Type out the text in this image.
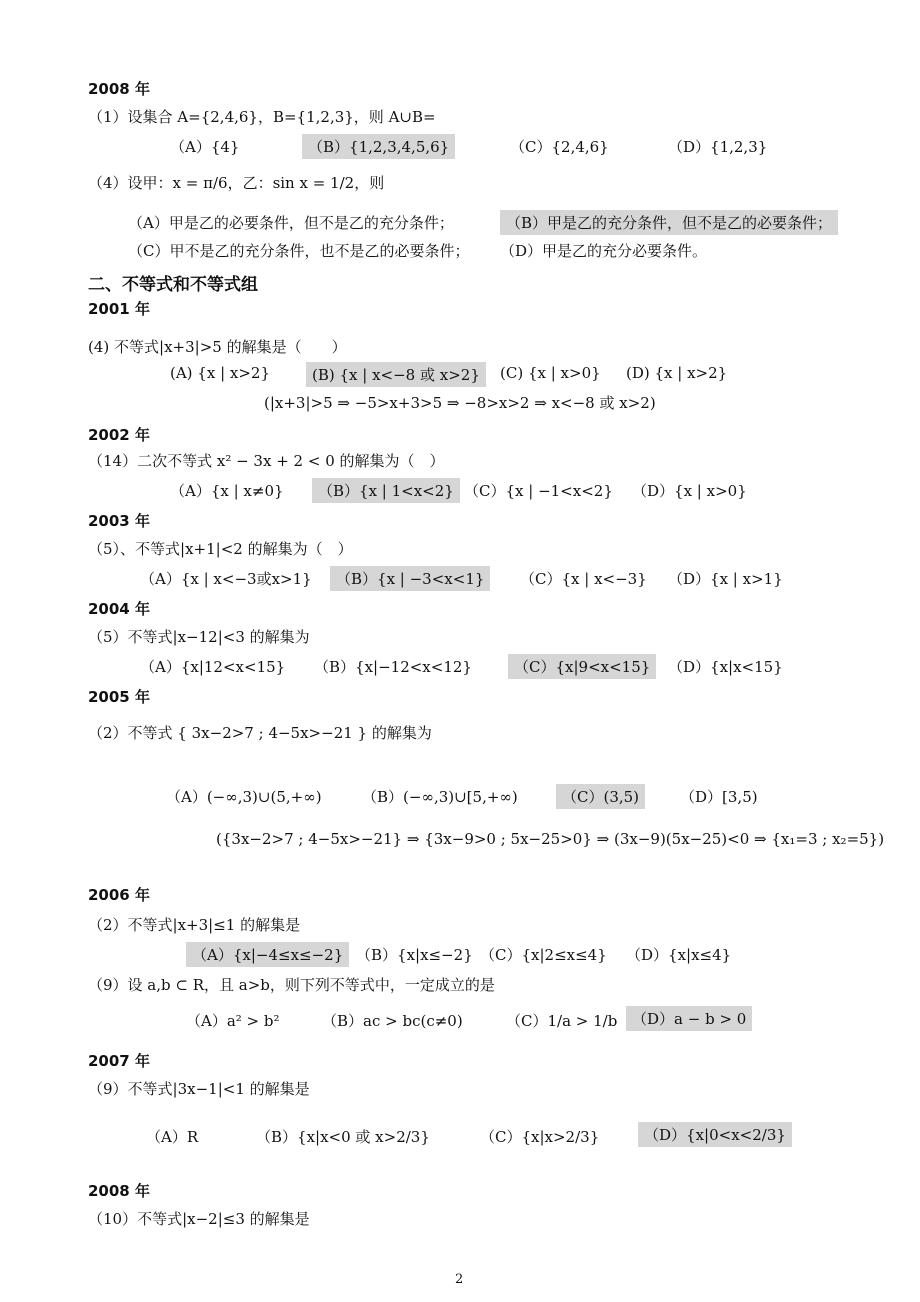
2008 年
（1）设集合 A={2,4,6}，B={1,2,3}，则 A∪B=
（A）{4}	（B）{1,2,3,4,5,6}	（C）{2,4,6}	（D）{1,2,3}
（4）设甲：x = π/6，乙：sin x = 1/2，则
（A）甲是乙的必要条件，但不是乙的充分条件；	（B）甲是乙的充分条件，但不是乙的必要条件；
（C）甲不是乙的充分条件，也不是乙的必要条件； （D）甲是乙的充分必要条件。
二、不等式和不等式组
2001 年
(4) 不等式|x+3|>5 的解集是（　　）
(A) {x | x>2}	(B) {x | x<−8 或 x>2}	(C) {x | x>0} (D) {x | x>2}
(|x+3|>5 ⇒ −5>x+3>5 ⇒ −8>x>2 ⇒ x<−8 或 x>2)
2002 年
（14）二次不等式 x² − 3x + 2 < 0 的解集为（　）
（A）{x | x≠0}	（B）{x | 1<x<2} （C）{x | −1<x<2} （D）{x | x>0}
2003 年
（5）、不等式|x+1|<2 的解集为（　）
（A）{x | x<−3或x>1}	（B）{x | −3<x<1}	（C）{x | x<−3} （D）{x | x>1}
2004 年
（5）不等式|x−12|<3 的解集为
（A）{x|12<x<15} （B）{x|−12<x<12}	（C）{x|9<x<15}	（D）{x|x<15}
2005 年
（2）不等式 { 3x−2>7 ; 4−5x>−21 } 的解集为
（A）(−∞,3)∪(5,+∞)	（B）(−∞,3)∪[5,+∞)	（C）(3,5)	（D）[3,5)
({3x−2>7 ; 4−5x>−21} ⇒ {3x−9>0 ; 5x−25>0} ⇒ (3x−9)(5x−25)<0 ⇒ {x₁=3 ; x₂=5})
2006 年
（2）不等式|x+3|≤1 的解集是
（A）{x|−4≤x≤−2} （B）{x|x≤−2} （C）{x|2≤x≤4} （D）{x|x≤4}
（9）设 a,b ⊂ R，且 a>b，则下列不等式中，一定成立的是
（A）a² > b²	（B）ac > bc(c≠0)	（C）1/a > 1/b （D）a − b > 0
2007 年
（9）不等式|3x−1|<1 的解集是
（A）R	（B）{x|x<0 或 x>2/3}	（C）{x|x>2/3}	（D）{x|0<x<2/3}
2008 年
（10）不等式|x−2|≤3 的解集是
2
